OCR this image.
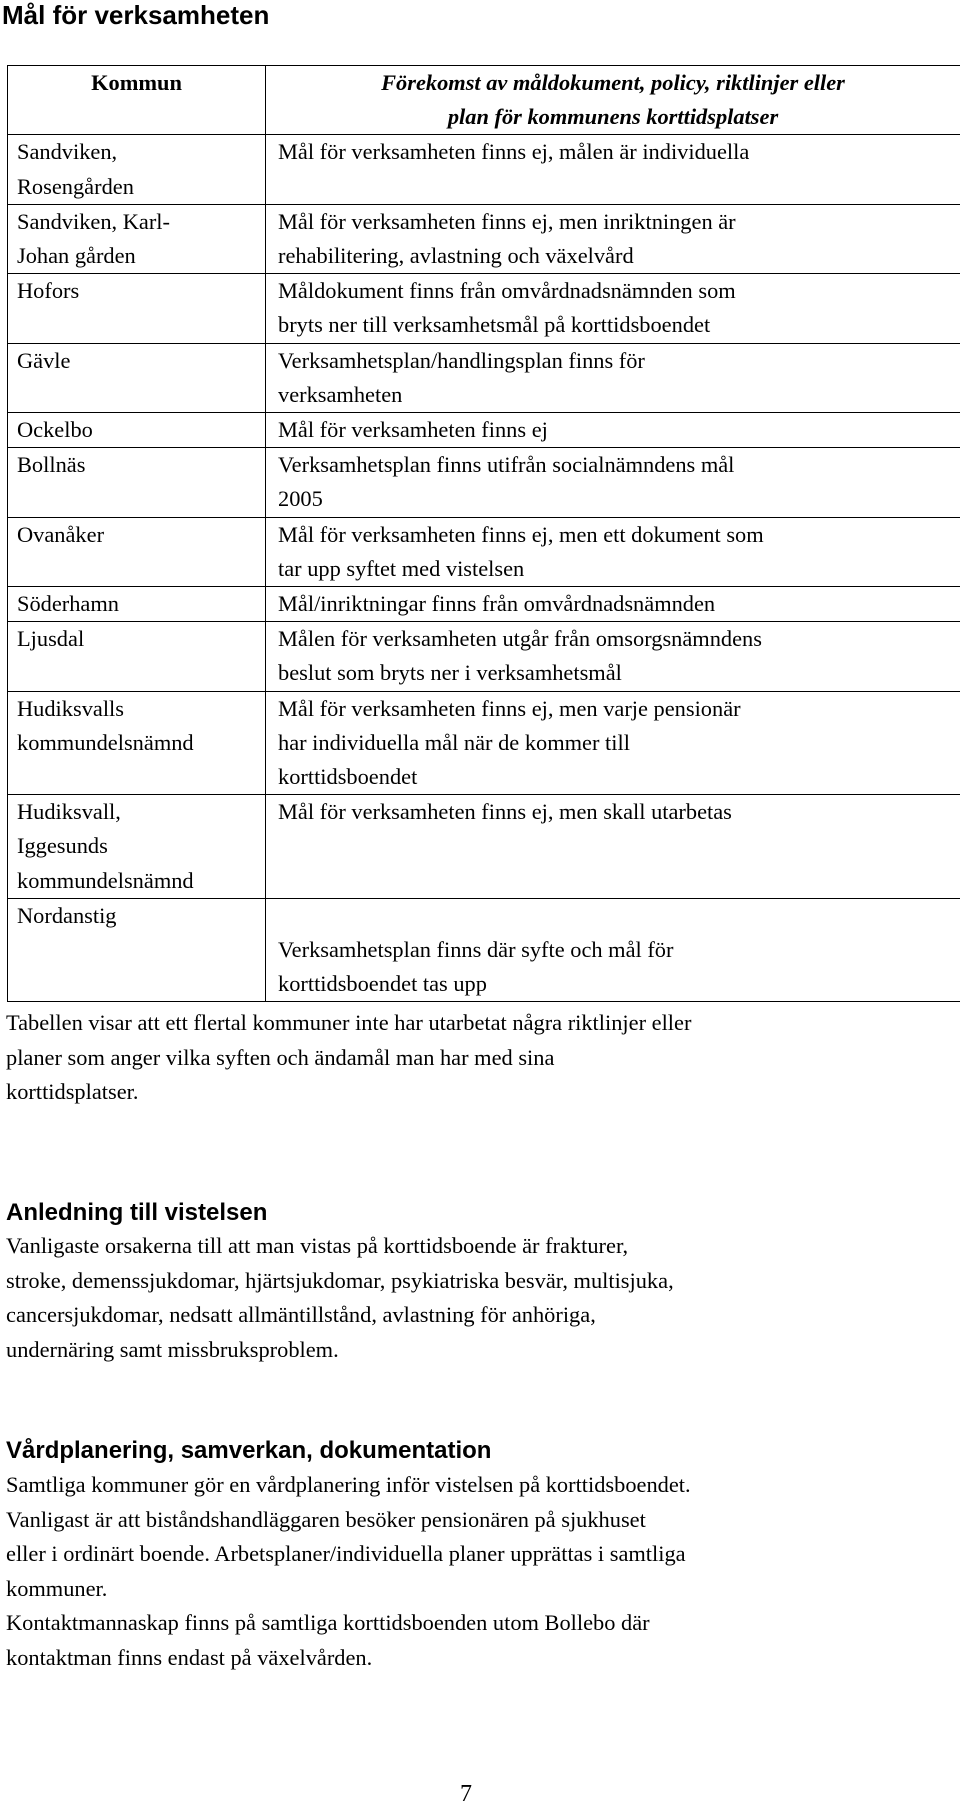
Mål för verksamheten
Kommun	Förekomst av måldokument, policy, riktlinjer eller
plan för kommunens korttidsplatser

Sandviken,
Rosengården	Mål för verksamheten finns ej, målen är individuella

Sandviken, Karl-
Johan gården	Mål för verksamheten finns ej, men inriktningen är
rehabilitering, avlastning och växelvård

Hofors	Måldokument finns från omvårdnadsnämnden som
bryts ner till verksamhetsmål på korttidsboendet

Gävle	Verksamhetsplan/handlingsplan finns för
verksamheten

Ockelbo	Mål för verksamheten finns ej

Bollnäs	Verksamhetsplan finns utifrån socialnämndens mål
2005

Ovanåker	Mål för verksamheten finns ej, men ett dokument som
tar upp syftet med vistelsen

Söderhamn	Mål/inriktningar finns från omvårdnadsnämnden

Ljusdal	Målen för verksamheten utgår från omsorgsnämndens
beslut som bryts ner i verksamhetsmål

Hudiksvalls
kommundelsnämnd	Mål för verksamheten finns ej, men varje pensionär
har individuella mål när de kommer till
korttidsboendet

Hudiksvall,
Iggesunds
kommundelsnämnd	Mål för verksamheten finns ej, men skall utarbetas

Nordanstig	Verksamhetsplan finns där syfte och mål för
korttidsboendet tas upp
Tabellen visar att ett flertal kommuner inte har utarbetat några riktlinjer eller
planer som anger vilka syften och ändamål man har med sina
korttidsplatser.
Anledning till vistelsen
Vanligaste orsakerna till att man vistas på korttidsboende är frakturer,
stroke, demenssjukdomar, hjärtsjukdomar, psykiatriska besvär, multisjuka,
cancersjukdomar, nedsatt allmäntillstånd, avlastning för anhöriga,
undernäring samt missbruksproblem.
Vårdplanering, samverkan, dokumentation
Samtliga kommuner gör en vårdplanering inför vistelsen på korttidsboendet.
Vanligast är att biståndshandläggaren besöker pensionären på sjukhuset
eller i ordinärt boende. Arbetsplaner/individuella planer upprättas i samtliga
kommuner.
Kontaktmannaskap finns på samtliga korttidsboenden utom Bollebo där
kontaktman finns endast på växelvården.
7
